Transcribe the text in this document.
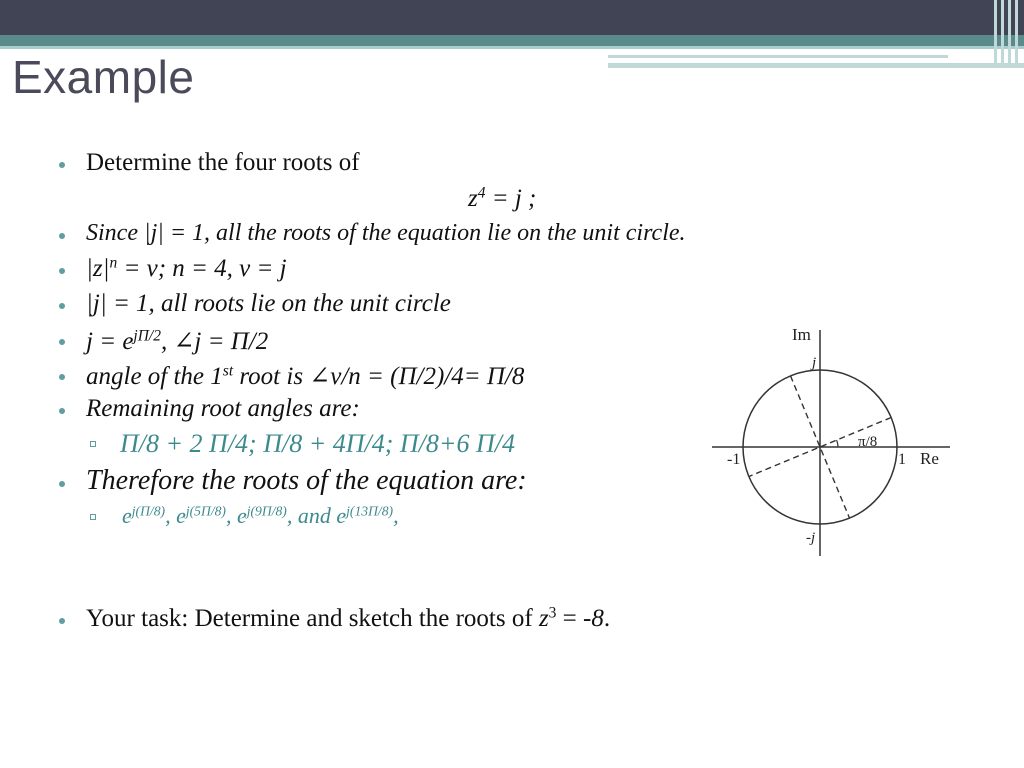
Example
Determine the four roots of
$z^4 = j$ ;
Since |j| = 1, all the roots of the equation lie on the unit circle.
$|z|^n = v$; n = 4, v = j
|j| = 1, all roots lie on the unit circle
$j = e^{j\Pi/2}$, ∠j = Π/2
angle of the 1st root is ∠v/n = (Π/2)/4= Π/8
Remaining root angles are:
Π/8 + 2 Π/4; Π/8 + 4Π/4; Π/8+6 Π/4
Therefore the roots of the equation are:
$e^{j(\Pi/8)}$, $e^{j(5\Pi/8)}$, $e^{j(9\Pi/8)}$, and $e^{j(13\Pi/8)}$,
Your task: Determine and sketch the roots of $z^3 = -8$.
Im
Re
j
-j
1
-1
π/8
